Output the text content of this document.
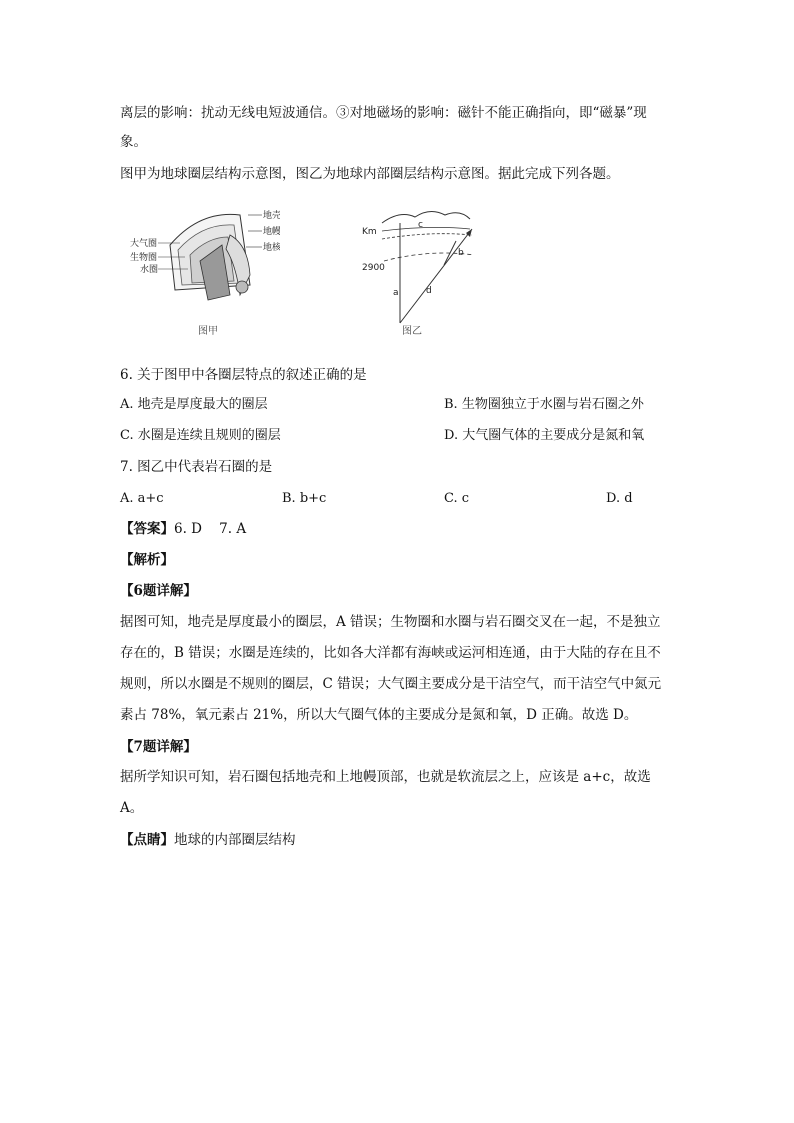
离层的影响：扰动无线电短波通信。③对地磁场的影响：磁针不能正确指向，即“磁暴”现
象。
图甲为地球圈层结构示意图，图乙为地球内部圈层结构示意图。据此完成下列各题。
大气圈
生物圈
水圈
地壳
地幔
地核
图甲
Km
2900
a
b
c
d
图乙
6. 关于图甲中各圈层特点的叙述正确的是
A. 地壳是厚度最大的圈层	B. 生物圈独立于水圈与岩石圈之外
C. 水圈是连续且规则的圈层	D. 大气圈气体的主要成分是氮和氧
7. 图乙中代表岩石圈的是
A. a+c	B. b+c	C. c	D. d
【答案】6. D    7. A
【解析】
【6题详解】
据图可知，地壳是厚度最小的圈层，A 错误；生物圈和水圈与岩石圈交叉在一起，不是独立
存在的，B 错误；水圈是连续的，比如各大洋都有海峡或运河相连通，由于大陆的存在且不
规则，所以水圈是不规则的圈层，C 错误；大气圈主要成分是干洁空气，而干洁空气中氮元
素占 78%，氧元素占 21%，所以大气圈气体的主要成分是氮和氧，D 正确。故选 D。
【7题详解】
据所学知识可知，岩石圈包括地壳和上地幔顶部，也就是软流层之上，应该是 a+c，故选
A。
【点睛】地球的内部圈层结构
